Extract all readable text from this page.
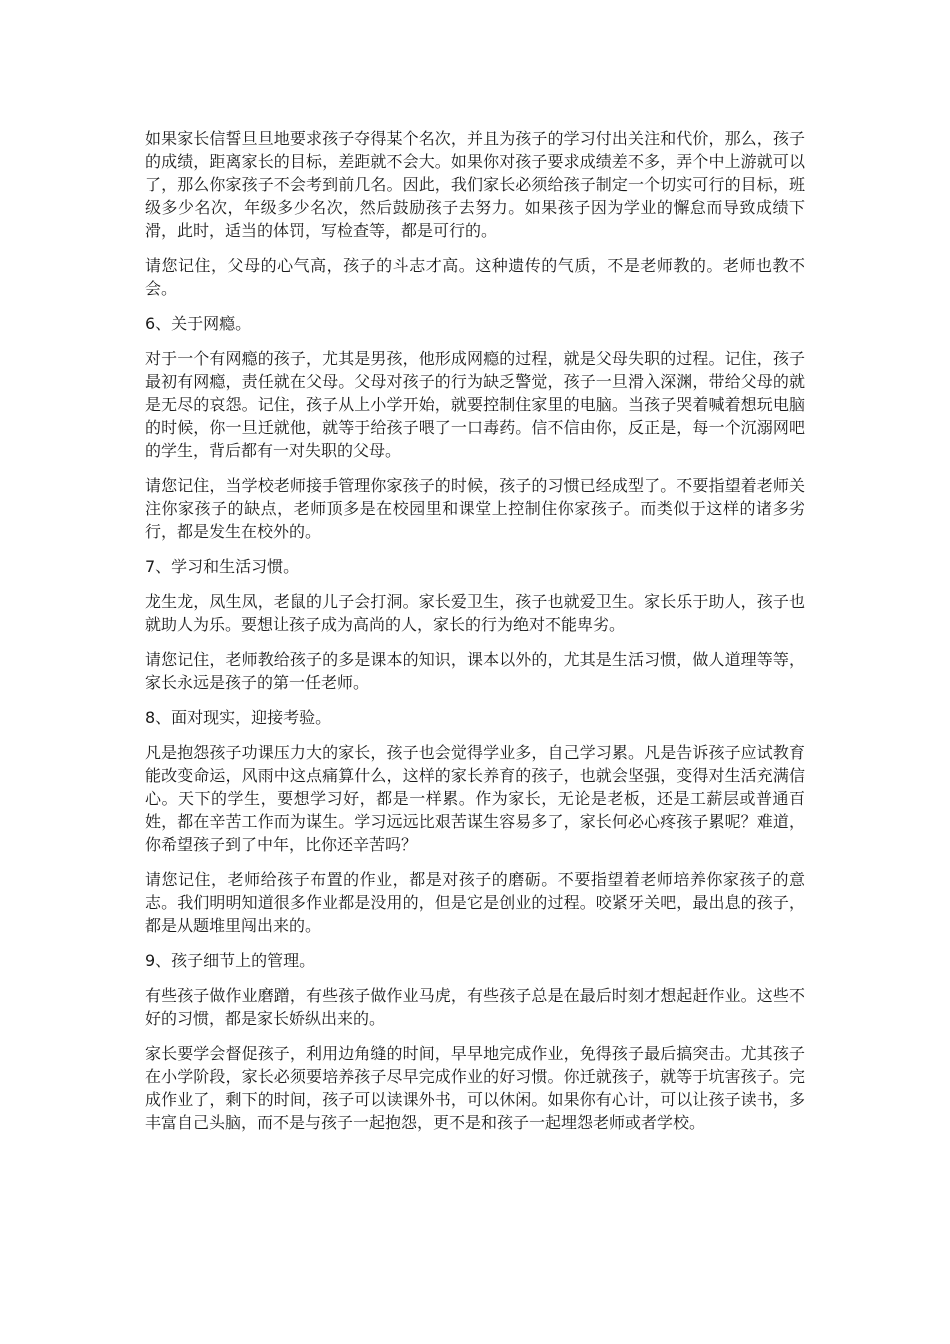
如果家长信誓旦旦地要求孩子夺得某个名次，并且为孩子的学习付出关注和代价，那么，孩子的成绩，距离家长的目标，差距就不会大。如果你对孩子要求成绩差不多，弄个中上游就可以了，那么你家孩子不会考到前几名。因此，我们家长必须给孩子制定一个切实可行的目标，班级多少名次，年级多少名次，然后鼓励孩子去努力。如果孩子因为学业的懈怠而导致成绩下滑，此时，适当的体罚，写检查等，都是可行的。

请您记住，父母的心气高，孩子的斗志才高。这种遗传的气质，不是老师教的。老师也教不会。

6、关于网瘾。

对于一个有网瘾的孩子，尤其是男孩，他形成网瘾的过程，就是父母失职的过程。记住，孩子最初有网瘾，责任就在父母。父母对孩子的行为缺乏警觉，孩子一旦滑入深渊，带给父母的就是无尽的哀怨。记住，孩子从上小学开始，就要控制住家里的电脑。当孩子哭着喊着想玩电脑的时候，你一旦迁就他，就等于给孩子喂了一口毒药。信不信由你，反正是，每一个沉溺网吧的学生，背后都有一对失职的父母。

请您记住，当学校老师接手管理你家孩子的时候，孩子的习惯已经成型了。不要指望着老师关注你家孩子的缺点，老师顶多是在校园里和课堂上控制住你家孩子。而类似于这样的诸多劣行，都是发生在校外的。

7、学习和生活习惯。

龙生龙，凤生凤，老鼠的儿子会打洞。家长爱卫生，孩子也就爱卫生。家长乐于助人，孩子也就助人为乐。要想让孩子成为高尚的人，家长的行为绝对不能卑劣。

请您记住，老师教给孩子的多是课本的知识，课本以外的，尤其是生活习惯，做人道理等等，家长永远是孩子的第一任老师。

8、面对现实，迎接考验。

凡是抱怨孩子功课压力大的家长，孩子也会觉得学业多，自己学习累。凡是告诉孩子应试教育能改变命运，风雨中这点痛算什么，这样的家长养育的孩子，也就会坚强，变得对生活充满信心。天下的学生，要想学习好，都是一样累。作为家长，无论是老板，还是工薪层或普通百姓，都在辛苦工作而为谋生。学习远远比艰苦谋生容易多了，家长何必心疼孩子累呢？难道，你希望孩子到了中年，比你还辛苦吗？

请您记住，老师给孩子布置的作业，都是对孩子的磨砺。不要指望着老师培养你家孩子的意志。我们明明知道很多作业都是没用的，但是它是创业的过程。咬紧牙关吧，最出息的孩子，都是从题堆里闯出来的。

9、孩子细节上的管理。

有些孩子做作业磨蹭，有些孩子做作业马虎，有些孩子总是在最后时刻才想起赶作业。这些不好的习惯，都是家长娇纵出来的。

家长要学会督促孩子，利用边角缝的时间，早早地完成作业，免得孩子最后搞突击。尤其孩子在小学阶段，家长必须要培养孩子尽早完成作业的好习惯。你迁就孩子，就等于坑害孩子。完成作业了，剩下的时间，孩子可以读课外书，可以休闲。如果你有心计，可以让孩子读书，多丰富自己头脑，而不是与孩子一起抱怨，更不是和孩子一起埋怨老师或者学校。
